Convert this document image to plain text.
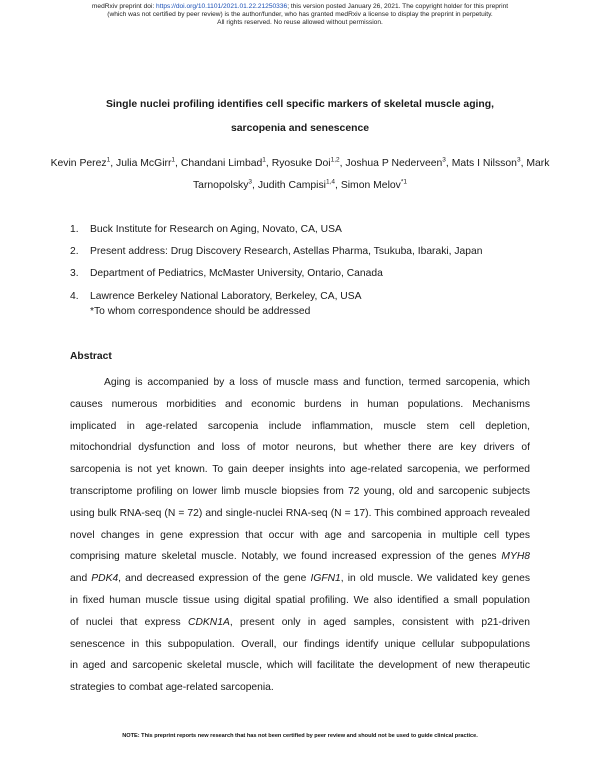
medRxiv preprint doi: https://doi.org/10.1101/2021.01.22.21250336; this version posted January 26, 2021. The copyright holder for this preprint
(which was not certified by peer review) is the author/funder, who has granted medRxiv a license to display the preprint in perpetuity.
All rights reserved. No reuse allowed without permission.
Single nuclei profiling identifies cell specific markers of skeletal muscle aging,
sarcopenia and senescence
Kevin Perez$^1$, Julia McGirr$^1$, Chandani Limbad$^1$, Ryosuke Doi$^{1,2}$, Joshua P Nederveen$^3$, Mats I Nilsson$^3$, Mark Tarnopolsky$^3$, Judith Campisi$^{1,4}$, Simon Melov$^{*1}$
1.	Buck Institute for Research on Aging, Novato, CA, USA
2.	Present address: Drug Discovery Research, Astellas Pharma, Tsukuba, Ibaraki, Japan
3.	Department of Pediatrics, McMaster University, Ontario, Canada
4.	Lawrence Berkeley National Laboratory, Berkeley, CA, USA
*To whom correspondence should be addressed
Abstract
Aging is accompanied by a loss of muscle mass and function, termed sarcopenia, which
causes numerous morbidities and economic burdens in human populations. Mechanisms
implicated in age-related sarcopenia include inflammation, muscle stem cell depletion,
mitochondrial dysfunction and loss of motor neurons, but whether there are key drivers of
sarcopenia is not yet known. To gain deeper insights into age-related sarcopenia, we performed
transcriptome profiling on lower limb muscle biopsies from 72 young, old and sarcopenic subjects
using bulk RNA-seq (N = 72) and single-nuclei RNA-seq (N = 17). This combined approach revealed
novel changes in gene expression that occur with age and sarcopenia in multiple cell types
comprising mature skeletal muscle. Notably, we found increased expression of the genes MYH8
and PDK4, and decreased expression of the gene IGFN1, in old muscle. We validated key genes
in fixed human muscle tissue using digital spatial profiling. We also identified a small population
of nuclei that express CDKN1A, present only in aged samples, consistent with p21-driven
senescence in this subpopulation. Overall, our findings identify unique cellular subpopulations
in aged and sarcopenic skeletal muscle, which will facilitate the development of new therapeutic
strategies to combat age-related sarcopenia.
NOTE: This preprint reports new research that has not been certified by peer review and should not be used to guide clinical practice.
